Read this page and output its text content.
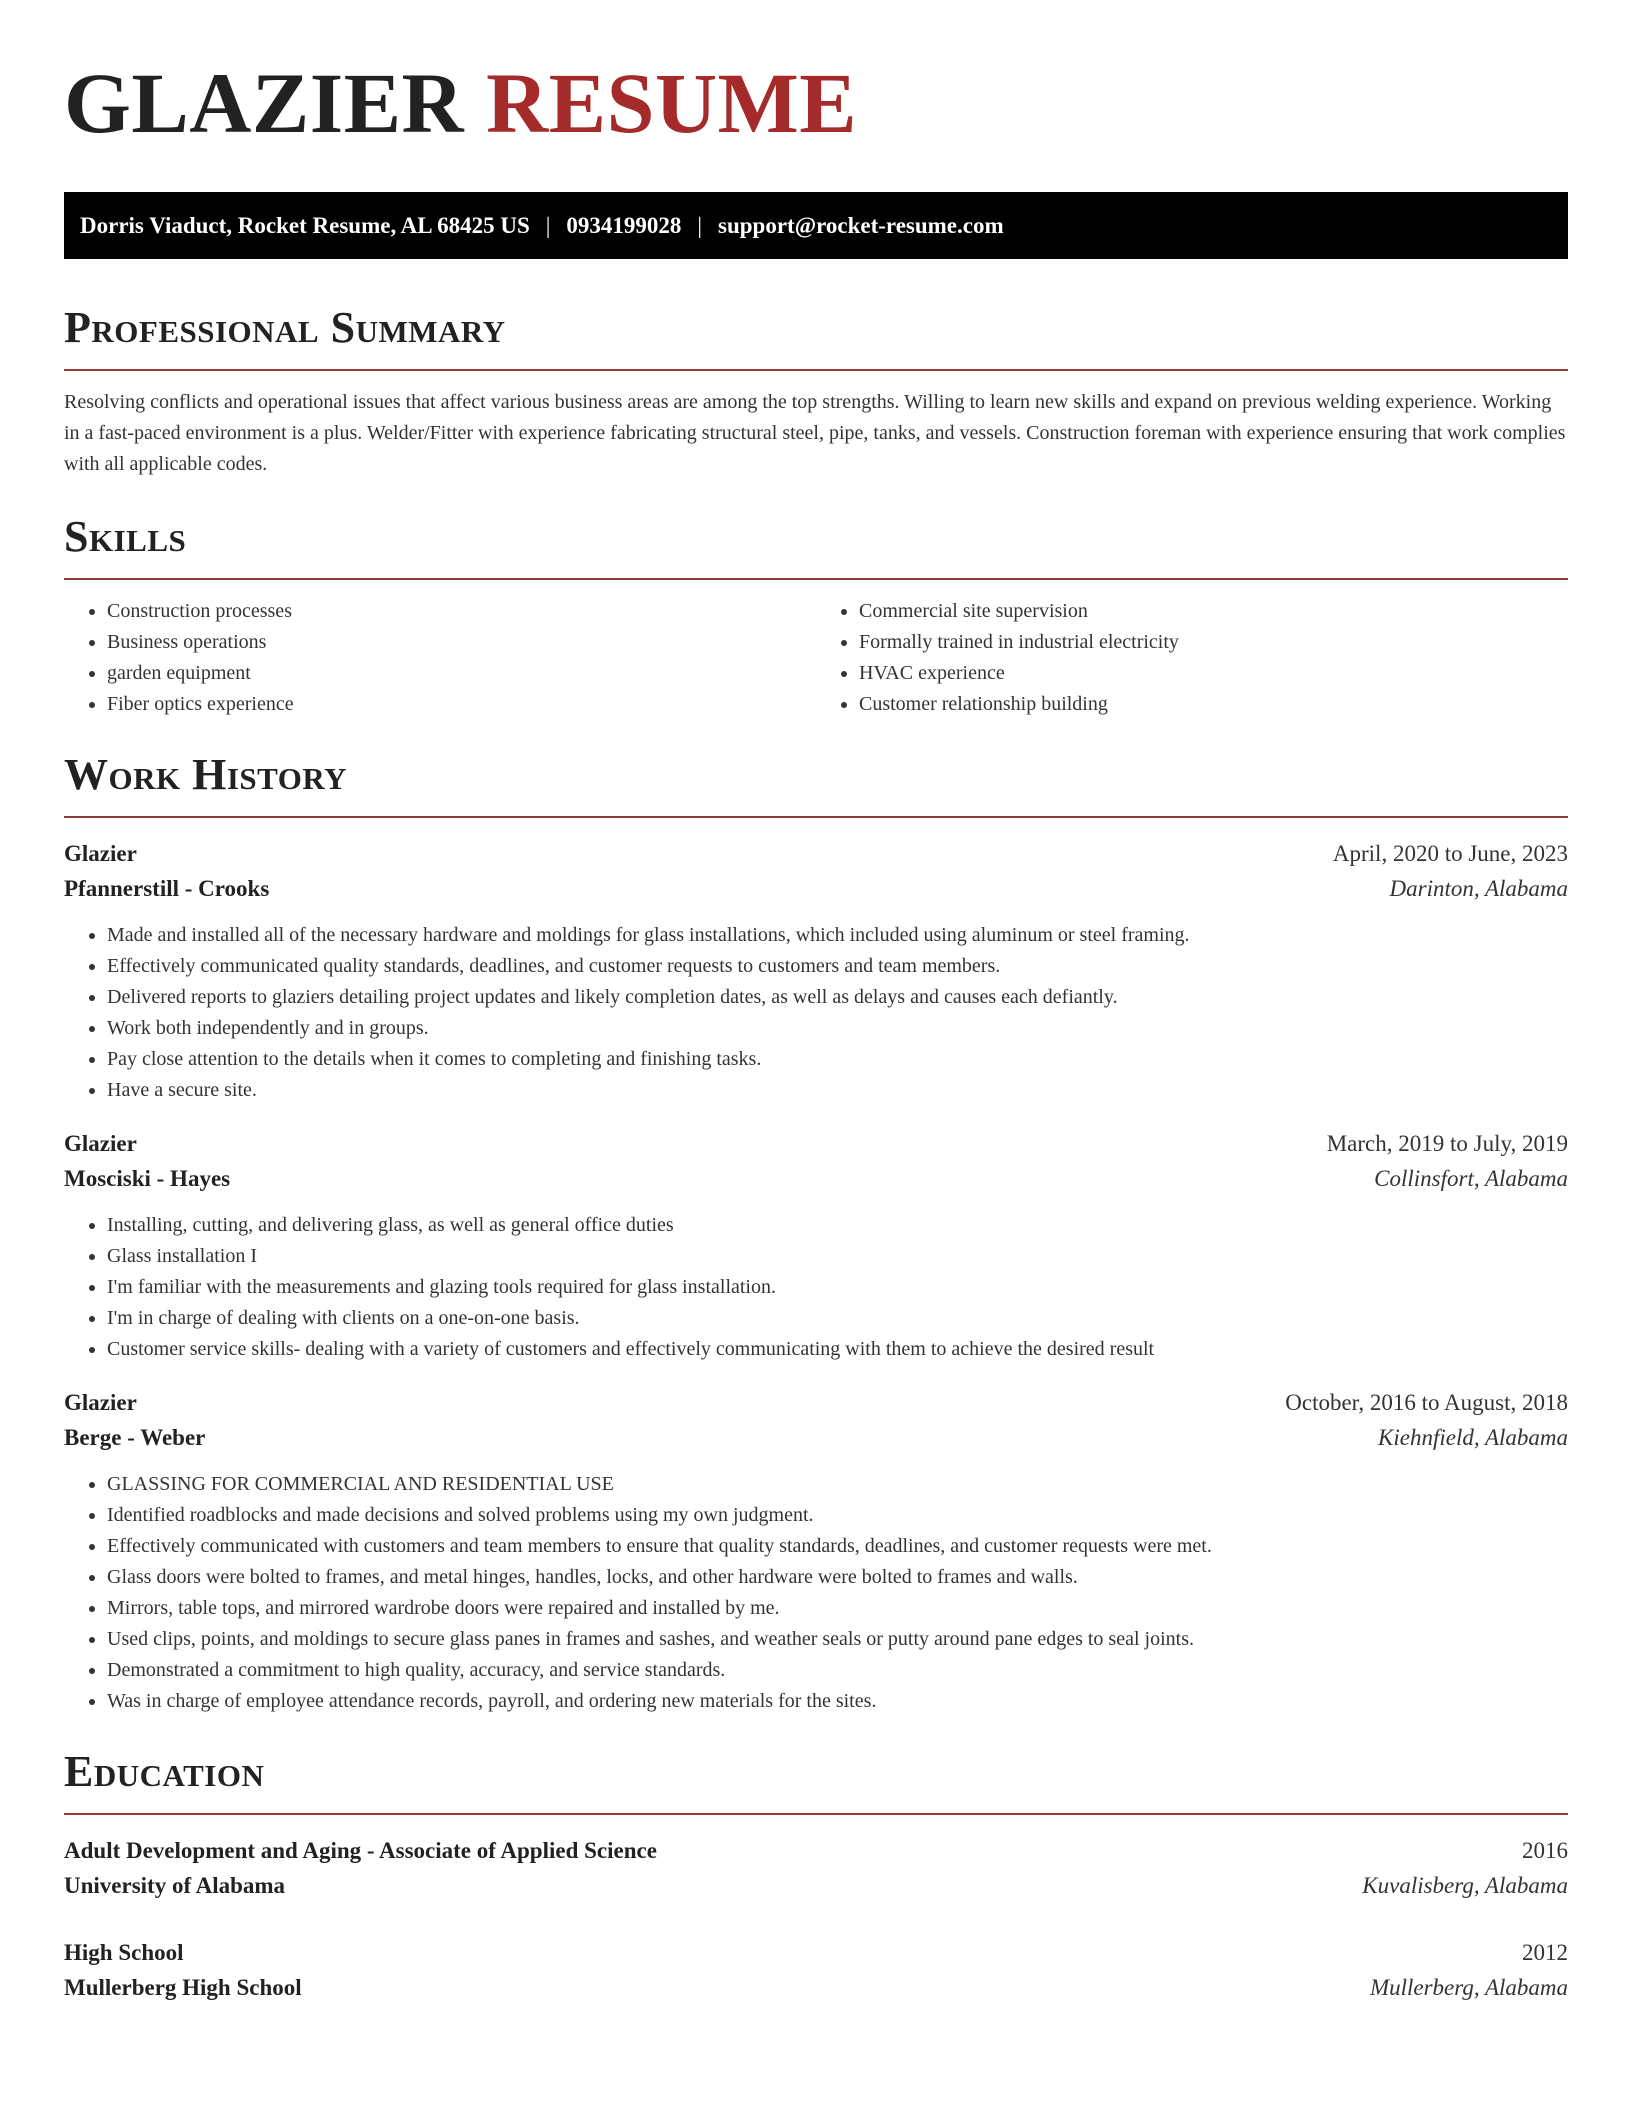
GLAZIER RESUME
Dorris Viaduct, Rocket Resume, AL 68425 US | 0934199028 | support@rocket-resume.com
Professional Summary

Resolving conflicts and operational issues that affect various business areas are among the top strengths. Willing to learn new skills and expand on previous welding experience. Working in a fast-paced environment is a plus. Welder/Fitter with experience fabricating structural steel, pipe, tanks, and vessels. Construction foreman with experience ensuring that work complies with all applicable codes.

Skills
• Construction processes
• Business operations
• garden equipment
• Fiber optics experience
• Commercial site supervision
• Formally trained in industrial electricity
• HVAC experience
• Customer relationship building
Work History
Glazier	April, 2020 to June, 2023
Pfannerstill - Crooks	Darinton, Alabama
• Made and installed all of the necessary hardware and moldings for glass installations, which included using aluminum or steel framing.
• Effectively communicated quality standards, deadlines, and customer requests to customers and team members.
• Delivered reports to glaziers detailing project updates and likely completion dates, as well as delays and causes each defiantly.
• Work both independently and in groups.
• Pay close attention to the details when it comes to completing and finishing tasks.
• Have a secure site.
Glazier	March, 2019 to July, 2019
Mosciski - Hayes	Collinsfort, Alabama
• Installing, cutting, and delivering glass, as well as general office duties
• Glass installation I
• I'm familiar with the measurements and glazing tools required for glass installation.
• I'm in charge of dealing with clients on a one-on-one basis.
• Customer service skills- dealing with a variety of customers and effectively communicating with them to achieve the desired result
Glazier	October, 2016 to August, 2018
Berge - Weber	Kiehnfield, Alabama
• GLASSING FOR COMMERCIAL AND RESIDENTIAL USE
• Identified roadblocks and made decisions and solved problems using my own judgment.
• Effectively communicated with customers and team members to ensure that quality standards, deadlines, and customer requests were met.
• Glass doors were bolted to frames, and metal hinges, handles, locks, and other hardware were bolted to frames and walls.
• Mirrors, table tops, and mirrored wardrobe doors were repaired and installed by me.
• Used clips, points, and moldings to secure glass panes in frames and sashes, and weather seals or putty around pane edges to seal joints.
• Demonstrated a commitment to high quality, accuracy, and service standards.
• Was in charge of employee attendance records, payroll, and ordering new materials for the sites.
Education
Adult Development and Aging - Associate of Applied Science	2016
University of Alabama	Kuvalisberg, Alabama
High School	2012
Mullerberg High School	Mullerberg, Alabama
